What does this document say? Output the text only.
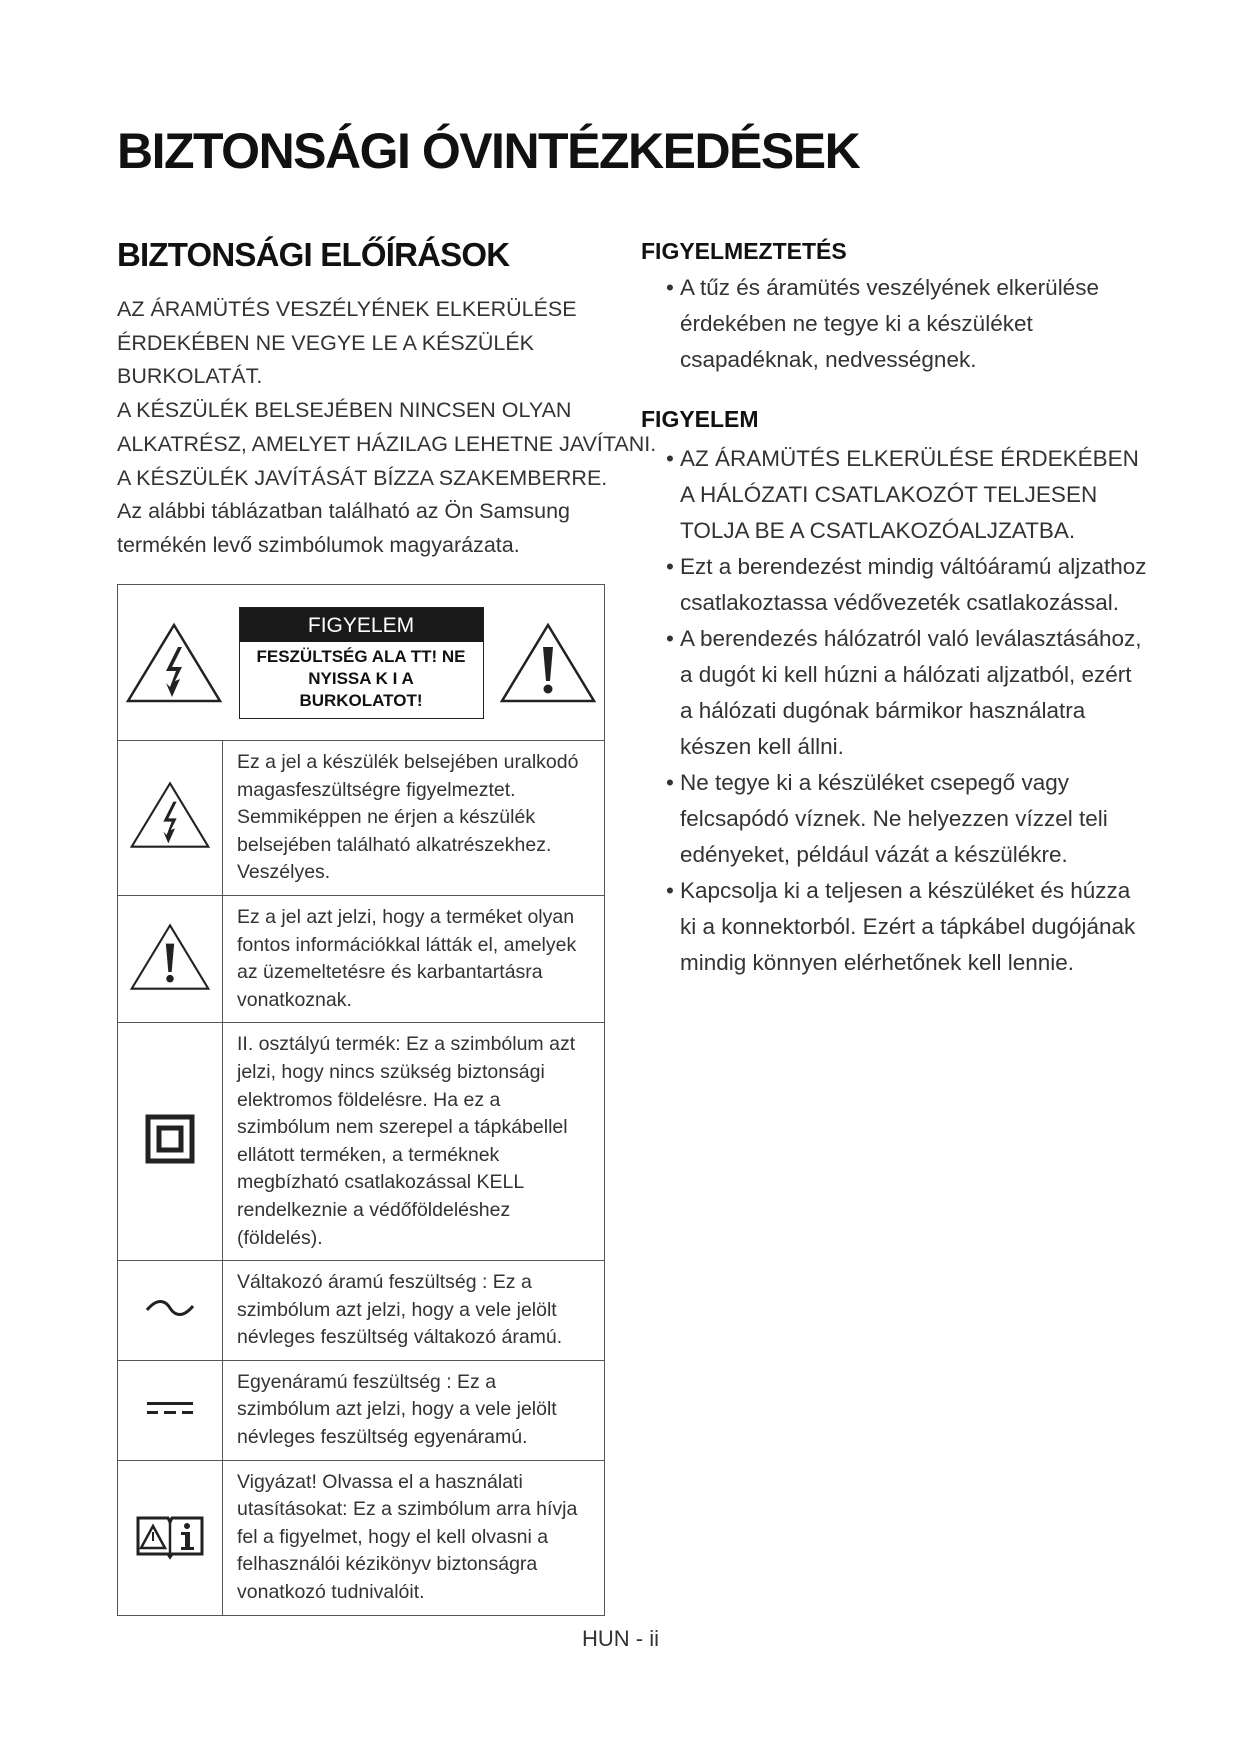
BIZTONSÁGI ÓVINTÉZKEDÉSEK
BIZTONSÁGI ELŐÍRÁSOK
AZ ÁRAMÜTÉS VESZÉLYÉNEK ELKERÜLÉSE
ÉRDEKÉBEN NE VEGYE LE A KÉSZÜLÉK
BURKOLATÁT.
A KÉSZÜLÉK BELSEJÉBEN NINCSEN OLYAN
ALKATRÉSZ, AMELYET HÁZILAG LEHETNE JAVÍTANI.
A KÉSZÜLÉK JAVÍTÁSÁT BÍZZA SZAKEMBERRE.
Az alábbi táblázatban található az Ön Samsung
termékén levő szimbólumok magyarázata.
FIGYELEM
FESZÜLTSÉG ALA TT! NE NYISSA K I A BURKOLATOT!	

	Ez a jel a készülék belsejében uralkodó magasfeszültségre figyelmeztet. Semmiképpen ne érjen a készülék belsejében található alkatrészekhez. Veszélyes.
	Ez a jel azt jelzi, hogy a terméket olyan fontos információkkal látták el, amelyek az üzemeltetésre és karbantartásra vonatkoznak.
	II. osztályú termék: Ez a szimbólum azt jelzi, hogy nincs szükség biztonsági elektromos földelésre. Ha ez a szimbólum nem szerepel a tápkábellel ellátott terméken, a terméknek megbízható csatlakozással KELL rendelkeznie a védőföldeléshez (földelés).
	Váltakozó áramú feszültség : Ez a szimbólum azt jelzi, hogy a vele jelölt névleges feszültség váltakozó áramú.
	Egyenáramú feszültség : Ez a szimbólum azt jelzi, hogy a vele jelölt névleges feszültség egyenáramú.
	Vigyázat! Olvassa el a használati utasításokat: Ez a szimbólum arra hívja fel a figyelmet, hogy el kell olvasni a felhasználói kézikönyv biztonságra vonatkozó tudnivalóit.
FIGYELMEZTETÉS
• A tűz és áramütés veszélyének elkerülése érdekében ne tegye ki a készüléket csapadéknak, nedvességnek.
FIGYELEM
• AZ ÁRAMÜTÉS ELKERÜLÉSE ÉRDEKÉBEN A HÁLÓZATI CSATLAKOZÓT TELJESEN TOLJA BE A CSATLAKOZÓALJZATBA.
• Ezt a berendezést mindig váltóáramú aljzathoz csatlakoztassa védővezeték csatlakozással.
• A berendezés hálózatról való leválasztásához, a dugót ki kell húzni a hálózati aljzatból, ezért a hálózati dugónak bármikor használatra készen kell állni.
• Ne tegye ki a készüléket csepegő vagy felcsapódó víznek. Ne helyezzen vízzel teli edényeket, például vázát a készülékre.
• Kapcsolja ki a teljesen a készüléket és húzza ki a konnektorból. Ezért a tápkábel dugójának mindig könnyen elérhetőnek kell lennie.
HUN - ii
